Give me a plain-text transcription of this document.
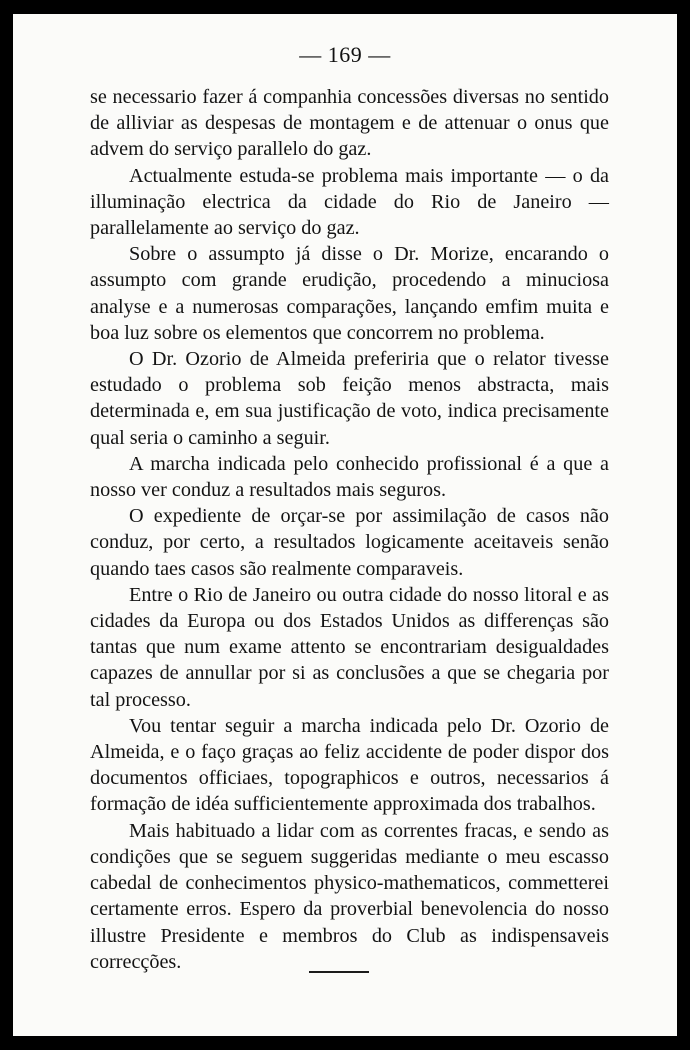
— 169 —

se necessario fazer á companhia concessões diversas no sentido de alliviar as despesas de montagem e de attenuar o onus que advem do serviço parallelo do gaz.

Actualmente estuda-se problema mais importante — o da illuminação electrica da cidade do Rio de Janeiro — parallelamente ao serviço do gaz.

Sobre o assumpto já disse o Dr. Morize, encarando o assumpto com grande erudição, procedendo a minuciosa analyse e a numerosas comparações, lançando emfim muita e boa luz sobre os elementos que concorrem no problema.

O Dr. Ozorio de Almeida preferiria que o relator tivesse estudado o problema sob feição menos abstracta, mais determinada e, em sua justificação de voto, indica precisamente qual seria o caminho a seguir.

A marcha indicada pelo conhecido profissional é a que a nosso ver conduz a resultados mais seguros.

O expediente de orçar-se por assimilação de casos não conduz, por certo, a resultados logicamente aceitaveis senão quando taes casos são realmente comparaveis.

Entre o Rio de Janeiro ou outra cidade do nosso litoral e as cidades da Europa ou dos Estados Unidos as differenças são tantas que num exame attento se encontrariam desigualdades capazes de annullar por si as conclusões a que se chegaria por tal processo.

Vou tentar seguir a marcha indicada pelo Dr. Ozorio de Almeida, e o faço graças ao feliz accidente de poder dispor dos documentos officiaes, topographicos e outros, necessarios á formação de idéa sufficientemente approximada dos trabalhos.

Mais habituado a lidar com as correntes fracas, e sendo as condições que se seguem suggeridas mediante o meu escasso cabedal de conhecimentos physico-mathematicos, commetterei certamente erros. Espero da proverbial benevolencia do nosso illustre Presidente e membros do Club as indispensaveis correcções.
